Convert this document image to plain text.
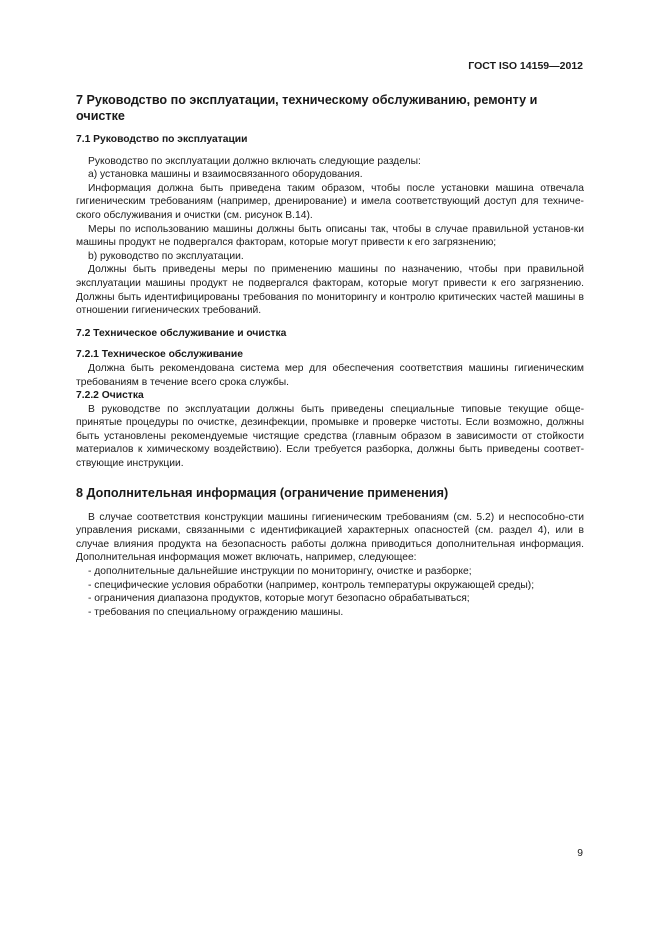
ГОСТ ISO 14159—2012
7 Руководство по эксплуатации, техническому обслуживанию, ремонту и очистке
7.1 Руководство по эксплуатации

Руководство по эксплуатации должно включать следующие разделы:

a) установка машины и взаимосвязанного оборудования.

Информация должна быть приведена таким образом, чтобы после установки машина отвечала гигиеническим требованиям (например, дренирование) и имела соответствующий доступ для техниче-ского обслуживания и очистки (см. рисунок В.14).

Меры по использованию машины должны быть описаны так, чтобы в случае правильной установ-ки машины продукт не подвергался факторам, которые могут привести к его загрязнению;

b) руководство по эксплуатации.

Должны быть приведены меры по применению машины по назначению, чтобы при правильной эксплуатации машины продукт не подвергался факторам, которые могут привести к его загрязнению. Должны быть идентифицированы требования по мониторингу и контролю критических частей машины в отношении гигиенических требований.

7.2 Техническое обслуживание и очистка
7.2.1 Техническое обслуживание

Должна быть рекомендована система мер для обеспечения соответствия машины гигиеническим требованиям в течение всего срока службы.

7.2.2 Очистка

В руководстве по эксплуатации должны быть приведены специальные типовые текущие обще-принятые процедуры по очистке, дезинфекции, промывке и проверке чистоты. Если возможно, должны быть установлены рекомендуемые чистящие средства (главным образом в зависимости от стойкости материалов к химическому воздействию). Если требуется разборка, должны быть приведены соответ-ствующие инструкции.

8 Дополнительная информация (ограничение применения)

В случае соответствия конструкции машины гигиеническим требованиям (см. 5.2) и неспособно-сти управления рисками, связанными с идентификацией характерных опасностей (см. раздел 4), или в случае влияния продукта на безопасность работы должна приводиться дополнительная информация. Дополнительная информация может включать, например, следующее:

- дополнительные дальнейшие инструкции по мониторингу, очистке и разборке;
- специфические условия обработки (например, контроль температуры окружающей среды);
- ограничения диапазона продуктов, которые могут безопасно обрабатываться;
- требования по специальному ограждению машины.
9
